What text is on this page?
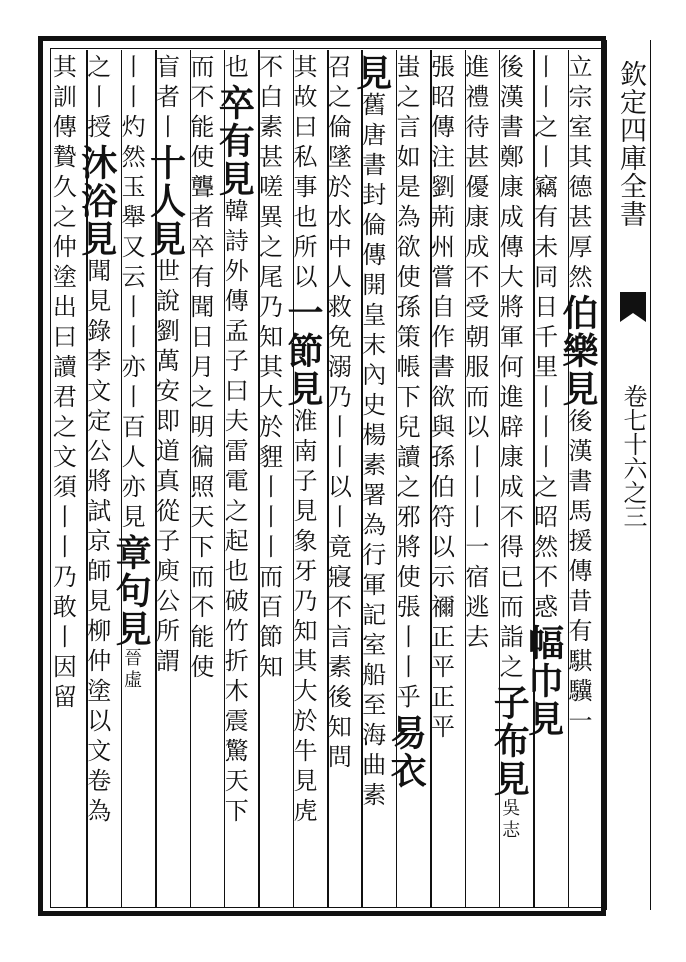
欽定四庫全書
卷七十六之三
立宗室其德甚厚然伯樂見後漢書馬援傳昔有騏驥一
丨丨之丨竊有未同日千里丨丨丨之昭然不惑幅巾見
後漢書鄭康成傳大將軍何進辟康成不得已而詣之子布見吳志
進禮待甚優康成不受朝服而以丨丨丨一宿逃去
張昭傳注劉荊州嘗自作書欲與孫伯符以示禰正平正平
蚩之言如是為欲使孫策帳下兒讀之邪將使張丨丨乎易衣
見舊唐書封倫傳開皇末內史楊素署為行軍記室船至海曲素
召之倫墜於水中人救免溺乃丨丨以丨竟寢不言素後知問
其故曰私事也所以一節見淮南子見象牙乃知其大於牛見虎
不白素甚嗟異之尾乃知其大於貍丨丨丨而百節知
也卒有見韓詩外傳孟子曰夫雷電之起也破竹折木震驚天下
而不能使聾者卒有聞日月之明徧照天下而不能使
盲者丨十人見世說劉萬安即道真從子庾公所謂
丨丨灼然玉舉又云丨丨亦丨百人亦見章句見晉虛
之丨授沐浴見聞見錄李文定公將試京師見柳仲塗以文卷為
其訓傳贄久之仲塗出曰讀君之文須丨丨乃敢丨因留
